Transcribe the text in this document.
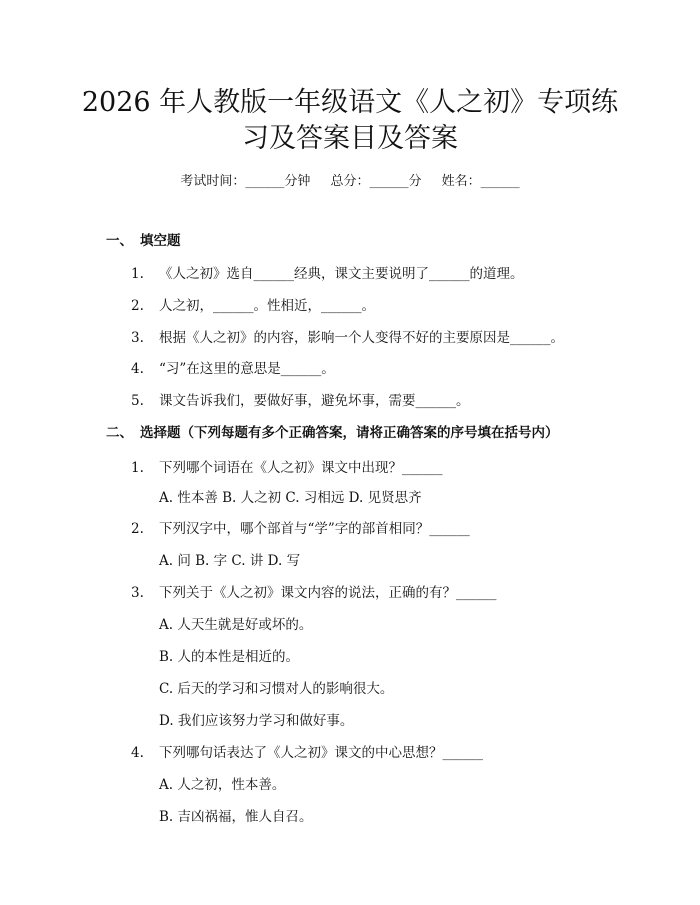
2026 年人教版一年级语文《人之初》专项练
习及答案目及答案
考试时间：______分钟 总分：______分 姓名：______
一、 填空题
1. 《人之初》选自______经典，课文主要说明了______的道理。
2. 人之初，______。性相近，______。
3. 根据《人之初》的内容，影响一个人变得不好的主要原因是______。
4. “习”在这里的意思是______。
5. 课文告诉我们，要做好事，避免坏事，需要______。
二、 选择题（下列每题有多个正确答案，请将正确答案的序号填在括号内）
1. 下列哪个词语在《人之初》课文中出现？______
A. 性本善 B. 人之初 C. 习相远 D. 见贤思齐
2. 下列汉字中，哪个部首与“学”字的部首相同？______
A. 问 B. 字 C. 讲 D. 写
3. 下列关于《人之初》课文内容的说法，正确的有？______
A. 人天生就是好或坏的。
B. 人的本性是相近的。
C. 后天的学习和习惯对人的影响很大。
D. 我们应该努力学习和做好事。
4. 下列哪句话表达了《人之初》课文的中心思想？______
A. 人之初，性本善。
B. 吉凶祸福，惟人自召。
